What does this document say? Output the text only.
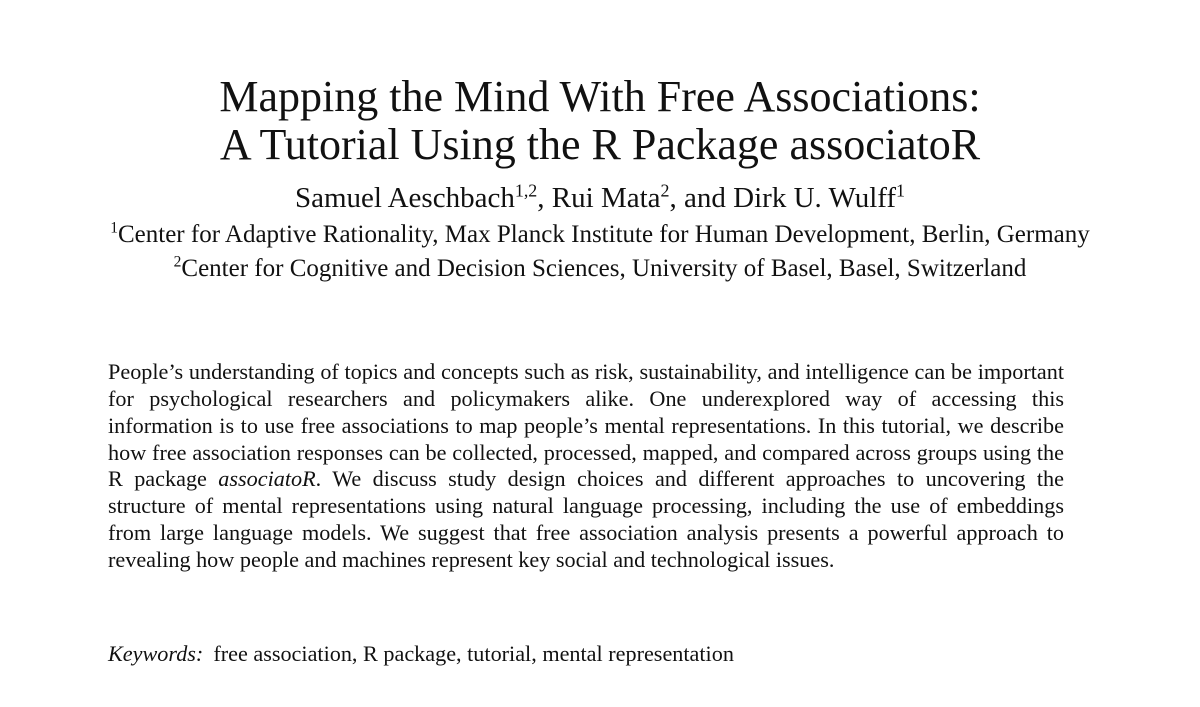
Mapping the Mind With Free Associations:
A Tutorial Using the R Package associatoR
Samuel Aeschbach$^{1,2}$, Rui Mata$^2$, and Dirk U. Wulff$^1$
$^1$Center for Adaptive Rationality, Max Planck Institute for Human Development, Berlin, Germany
$^2$Center for Cognitive and Decision Sciences, University of Basel, Basel, Switzerland

People’s understanding of topics and concepts such as risk, sustainability, and intelligence can be important for psychological researchers and policymakers alike. One underexplored way of accessing this information is to use free associations to map people’s mental representations. In this tutorial, we describe how free association responses can be collected, processed, mapped, and compared across groups using the R package associatoR. We discuss study design choices and different approaches to uncovering the structure of mental representations using natural language processing, including the use of embeddings from large language models. We suggest that free association analysis presents a powerful approach to revealing how people and machines represent key social and technological issues.

Keywords: free association, R package, tutorial, mental representation
